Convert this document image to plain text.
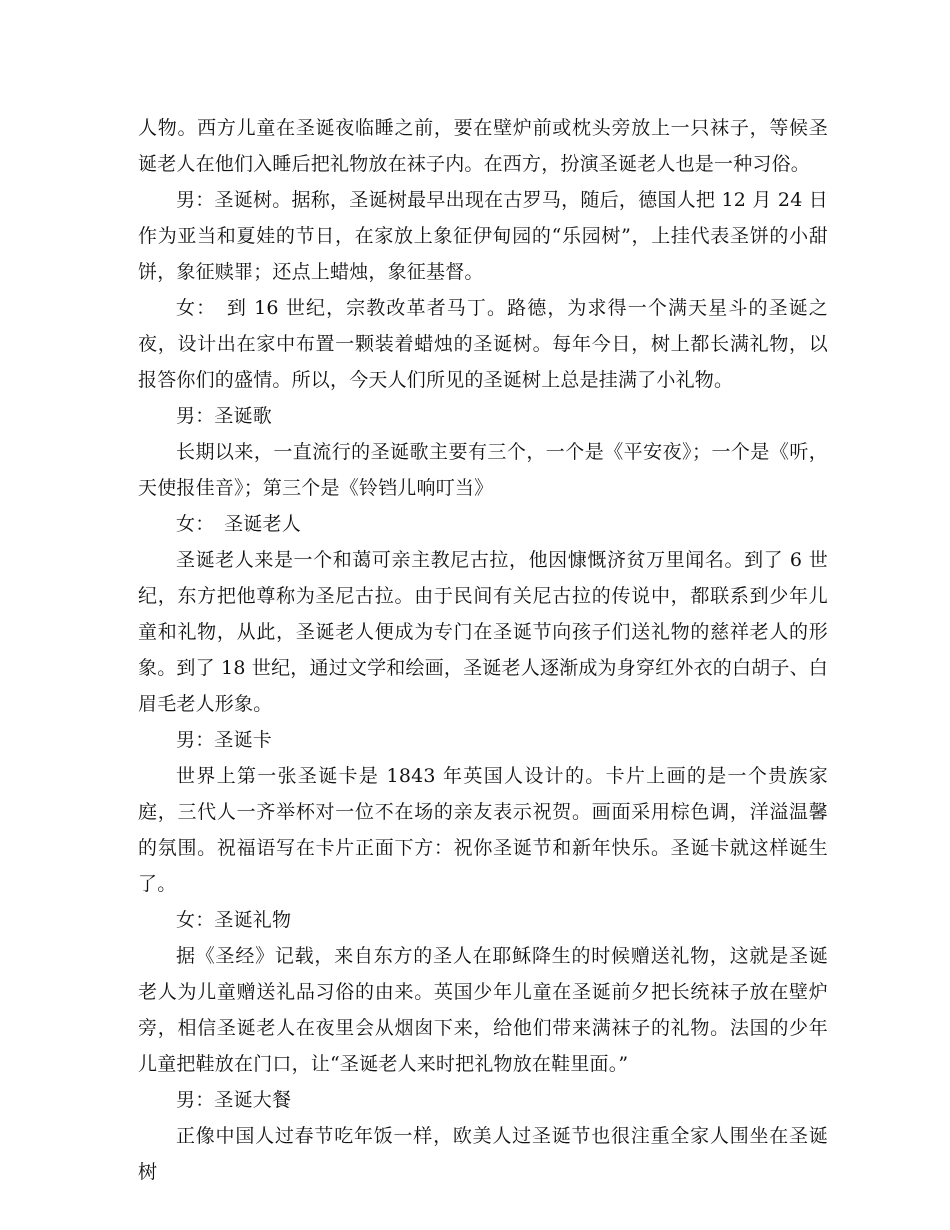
人物。西方儿童在圣诞夜临睡之前，要在壁炉前或枕头旁放上一只袜子，等候圣诞老人在他们入睡后把礼物放在袜子内。在西方，扮演圣诞老人也是一种习俗。

男：圣诞树。据称，圣诞树最早出现在古罗马，随后，德国人把 12 月 24 日作为亚当和夏娃的节日，在家放上象征伊甸园的“乐园树”，上挂代表圣饼的小甜饼，象征赎罪；还点上蜡烛，象征基督。

女：　到 16 世纪，宗教改革者马丁。路德，为求得一个满天星斗的圣诞之夜，设计出在家中布置一颗装着蜡烛的圣诞树。每年今日，树上都长满礼物，以报答你们的盛情。所以，今天人们所见的圣诞树上总是挂满了小礼物。

男：圣诞歌

长期以来，一直流行的圣诞歌主要有三个，一个是《平安夜》；一个是《听，天使报佳音》；第三个是《铃铛儿响叮当》

女：　圣诞老人

圣诞老人来是一个和蔼可亲主教尼古拉，他因慷慨济贫万里闻名。到了 6 世纪，东方把他尊称为圣尼古拉。由于民间有关尼古拉的传说中，都联系到少年儿童和礼物，从此，圣诞老人便成为专门在圣诞节向孩子们送礼物的慈祥老人的形象。到了 18 世纪，通过文学和绘画，圣诞老人逐渐成为身穿红外衣的白胡子、白眉毛老人形象。

男：圣诞卡

世界上第一张圣诞卡是 1843 年英国人设计的。卡片上画的是一个贵族家庭，三代人一齐举杯对一位不在场的亲友表示祝贺。画面采用棕色调，洋溢温馨的氛围。祝福语写在卡片正面下方：祝你圣诞节和新年快乐。圣诞卡就这样诞生了。

女：圣诞礼物

据《圣经》记载，来自东方的圣人在耶稣降生的时候赠送礼物，这就是圣诞老人为儿童赠送礼品习俗的由来。英国少年儿童在圣诞前夕把长统袜子放在壁炉旁，相信圣诞老人在夜里会从烟囱下来，给他们带来满袜子的礼物。法国的少年儿童把鞋放在门口，让“圣诞老人来时把礼物放在鞋里面。”

男：圣诞大餐

正像中国人过春节吃年饭一样，欧美人过圣诞节也很注重全家人围坐在圣诞树
